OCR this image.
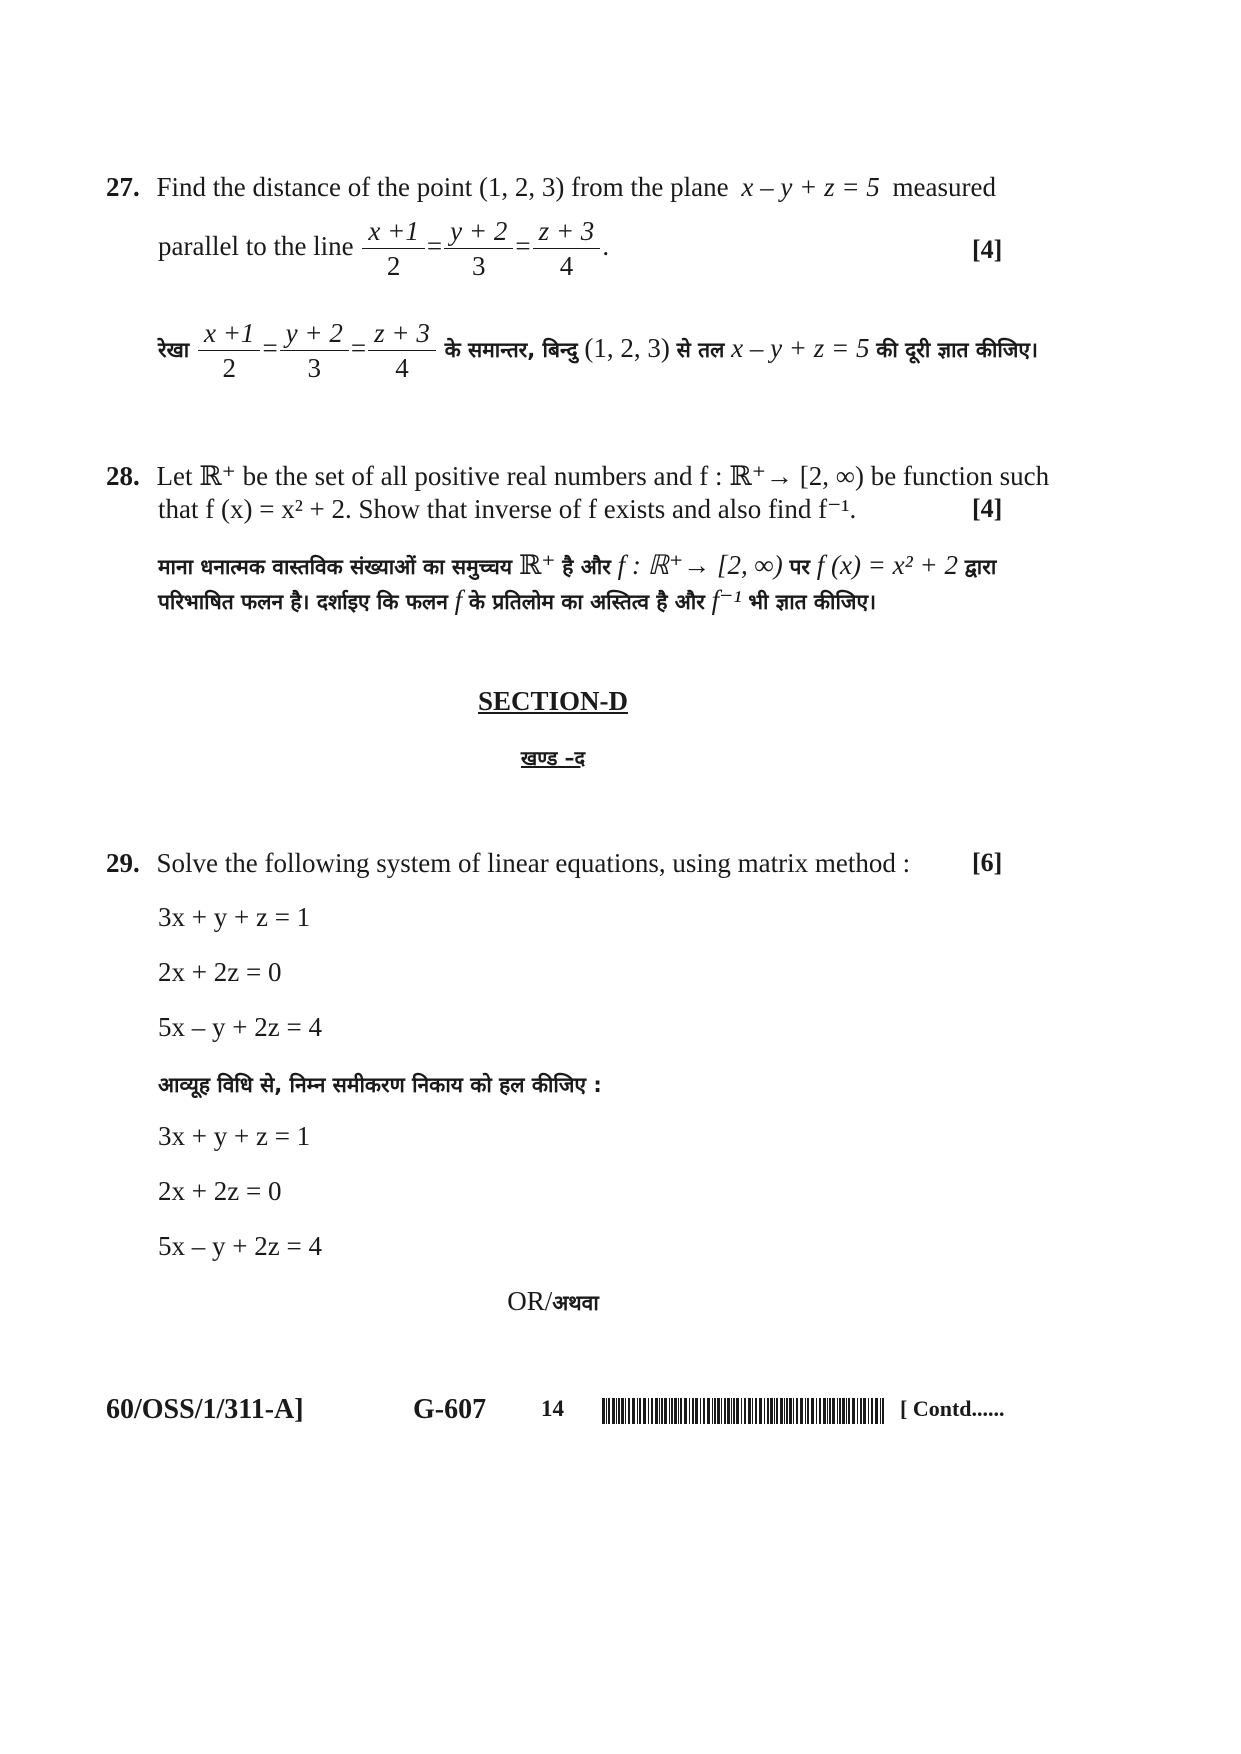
27. Find the distance of the point (1, 2, 3) from the plane x – y + z = 5 measured
parallel to the line $\frac{x +1}{2} = \frac{y + 2}{3} = \frac{z + 3}{4}$ .	[4]
रेखा $\frac{x +1}{2} = \frac{y + 2}{3} = \frac{z + 3}{4}$ के समान्तर, बिन्दु (1, 2, 3) से तल x – y + z = 5 की दूरी ज्ञात कीजिए।
28. Let ℝ⁺ be the set of all positive real numbers and f : ℝ⁺→ [2, ∞) be function such
that f (x) = x² + 2. Show that inverse of f exists and also find f⁻¹.	[4]
माना धनात्मक वास्तविक संख्याओं का समुच्चय ℝ⁺ है और f : ℝ⁺→ [2, ∞) पर f (x) = x² + 2 द्वारा
परिभाषित फलन है। दर्शाइए कि फलन f के प्रतिलोम का अस्तित्व है और f⁻¹ भी ज्ञात कीजिए।
SECTION-D
खण्ड –द
29. Solve the following system of linear equations, using matrix method : [6]
3x + y + z = 1
2x + 2z = 0
5x – y + 2z = 4
आव्यूह विधि से, निम्न समीकरण निकाय को हल कीजिए :
3x + y + z = 1
2x + 2z = 0
5x – y + 2z = 4
OR/अथवा
60/OSS/1/311-A]	G-607 14	[ Contd......
